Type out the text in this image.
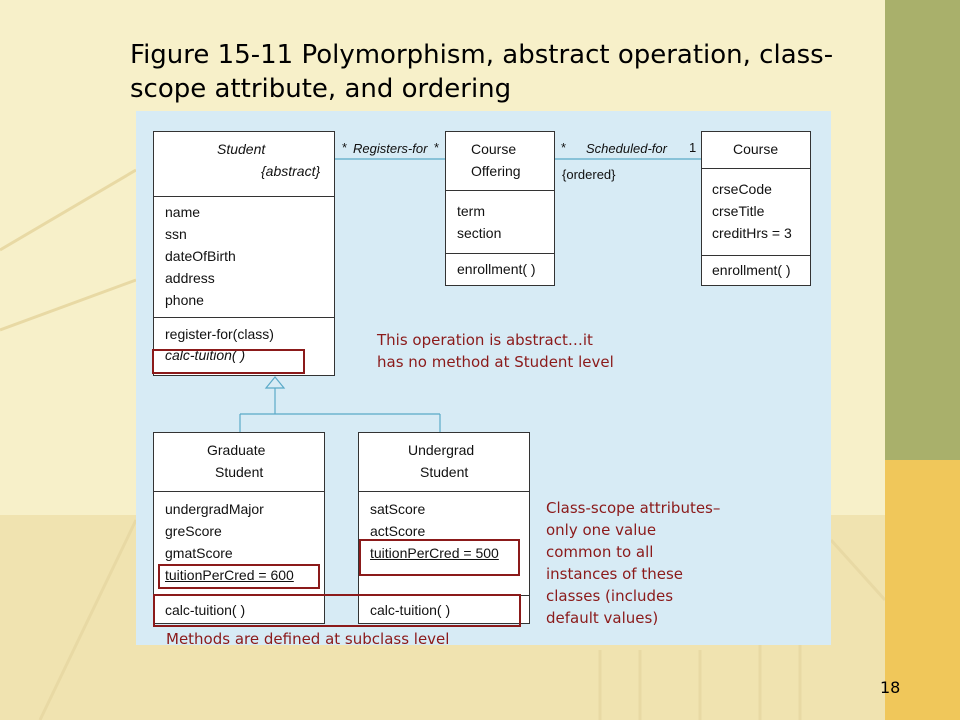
Figure 15-11 Polymorphism, abstract operation, class-scope attribute, and ordering
Student
{abstract}
name
ssn
dateOfBirth
address
phone
register-for(class)
calc-tuition( )
Course
Offering
term
section
enrollment( )
Course
crseCode
crseTitle
creditHrs = 3
enrollment( )
* Registers-for *	* Scheduled-for 1
{ordered}
Graduate
Student
undergradMajor
greScore
gmatScore
tuitionPerCred = 600
calc-tuition( )
Undergrad
Student
satScore
actScore
tuitionPerCred = 500
calc-tuition( )
This operation is abstract…it
has no method at Student level
Class-scope attributes–
only one value
common to all
instances of these
classes (includes
default values)
Methods are defined at subclass level
18
